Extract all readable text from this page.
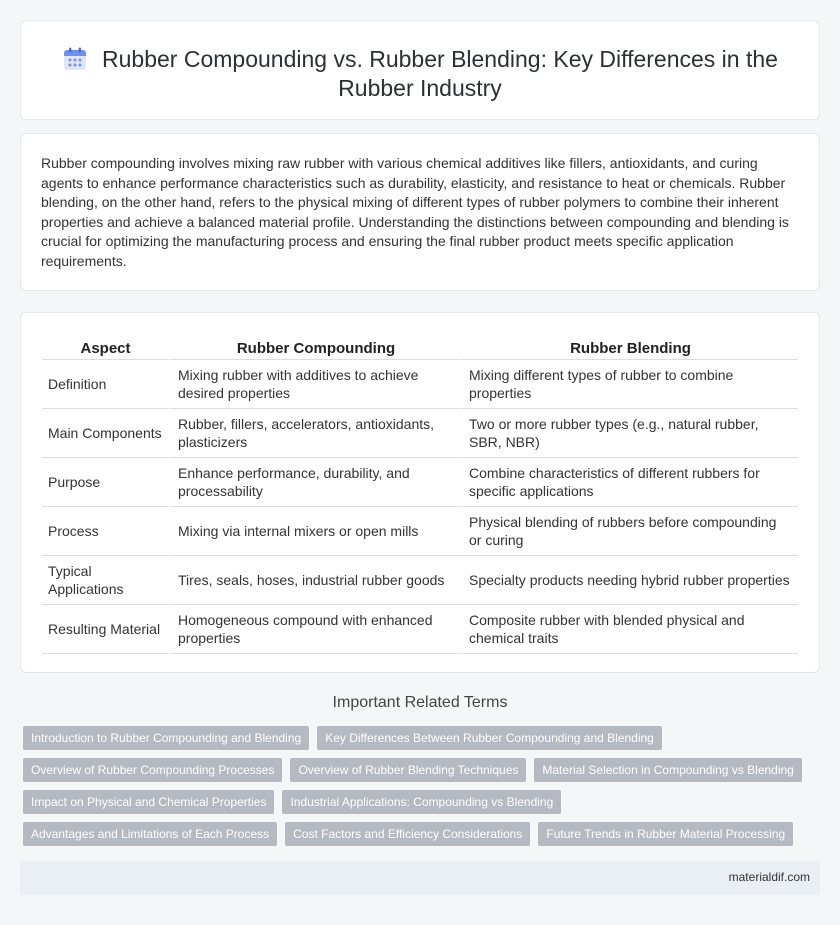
Rubber Compounding vs. Rubber Blending: Key Differences in the Rubber Industry

Rubber compounding involves mixing raw rubber with various chemical additives like fillers, antioxidants, and curing agents to enhance performance characteristics such as durability, elasticity, and resistance to heat or chemicals. Rubber blending, on the other hand, refers to the physical mixing of different types of rubber polymers to combine their inherent properties and achieve a balanced material profile. Understanding the distinctions between compounding and blending is crucial for optimizing the manufacturing process and ensuring the final rubber product meets specific application requirements.

Aspect	Rubber Compounding	Rubber Blending
Definition	Mixing rubber with additives to achieve desired properties	Mixing different types of rubber to combine properties
Main Components	Rubber, fillers, accelerators, antioxidants, plasticizers	Two or more rubber types (e.g., natural rubber, SBR, NBR)
Purpose	Enhance performance, durability, and processability	Combine characteristics of different rubbers for specific applications
Process	Mixing via internal mixers or open mills	Physical blending of rubbers before compounding or curing
Typical Applications	Tires, seals, hoses, industrial rubber goods	Specialty products needing hybrid rubber properties
Resulting Material	Homogeneous compound with enhanced properties	Composite rubber with blended physical and chemical traits
Important Related Terms
Introduction to Rubber Compounding and Blending	Key Differences Between Rubber Compounding and Blending
Overview of Rubber Compounding Processes	Overview of Rubber Blending Techniques	Material Selection in Compounding vs Blending
Impact on Physical and Chemical Properties	Industrial Applications: Compounding vs Blending
Advantages and Limitations of Each Process	Cost Factors and Efficiency Considerations	Future Trends in Rubber Material Processing
materialdif.com
